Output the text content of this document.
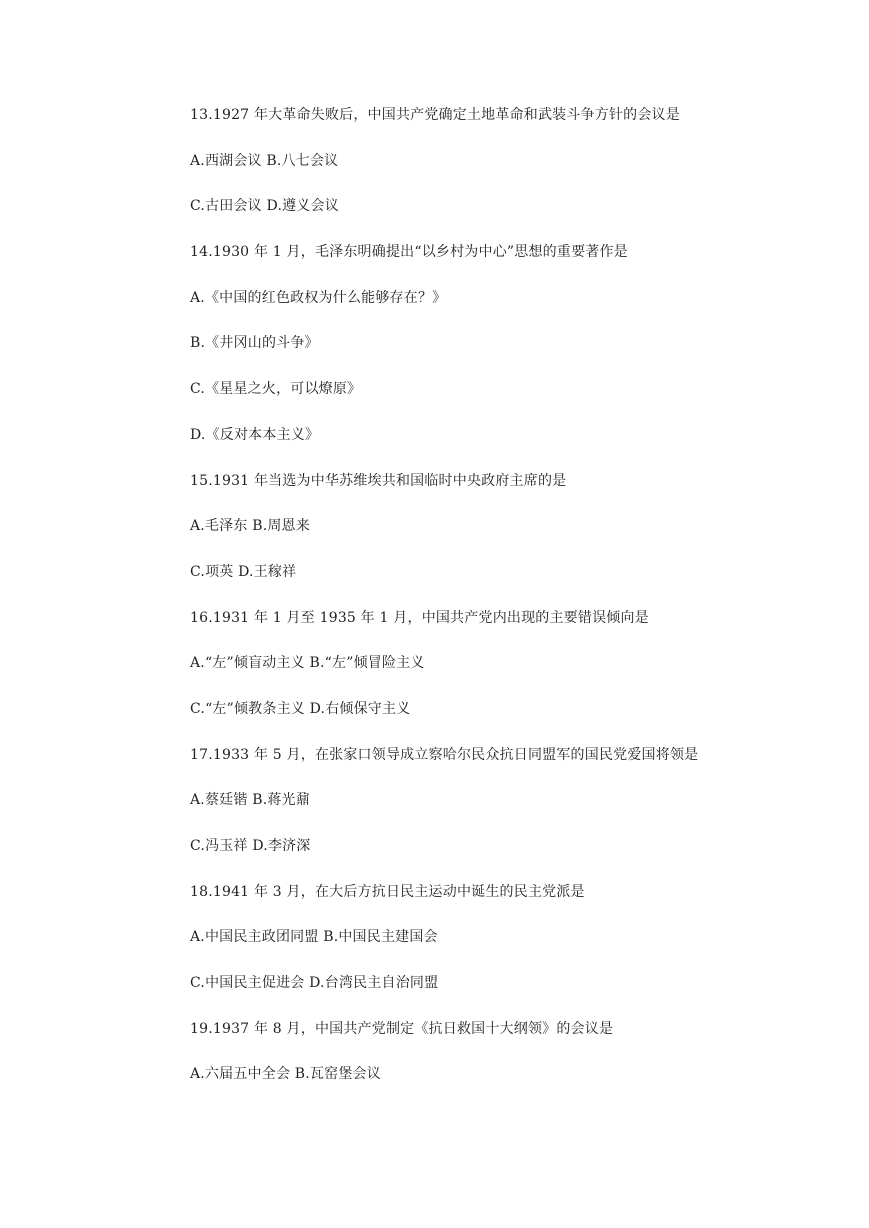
13.1927 年大革命失败后，中国共产党确定土地革命和武装斗争方针的会议是
A.西湖会议 B.八七会议
C.古田会议 D.遵义会议
14.1930 年 1 月，毛泽东明确提出“以乡村为中心”思想的重要著作是
A.《中国的红色政权为什么能够存在？》
B.《井冈山的斗争》
C.《星星之火，可以燎原》
D.《反对本本主义》
15.1931 年当选为中华苏维埃共和国临时中央政府主席的是
A.毛泽东 B.周恩来
C.项英 D.王稼祥
16.1931 年 1 月至 1935 年 1 月，中国共产党内出现的主要错误倾向是
A.“左”倾盲动主义 B.“左”倾冒险主义
C.“左”倾教条主义 D.右倾保守主义
17.1933 年 5 月，在张家口领导成立察哈尔民众抗日同盟军的国民党爱国将领是
A.蔡廷锴 B.蒋光鼐
C.冯玉祥 D.李济深
18.1941 年 3 月，在大后方抗日民主运动中诞生的民主党派是
A.中国民主政团同盟 B.中国民主建国会
C.中国民主促进会 D.台湾民主自治同盟
19.1937 年 8 月，中国共产党制定《抗日救国十大纲领》的会议是
A.六届五中全会 B.瓦窑堡会议
